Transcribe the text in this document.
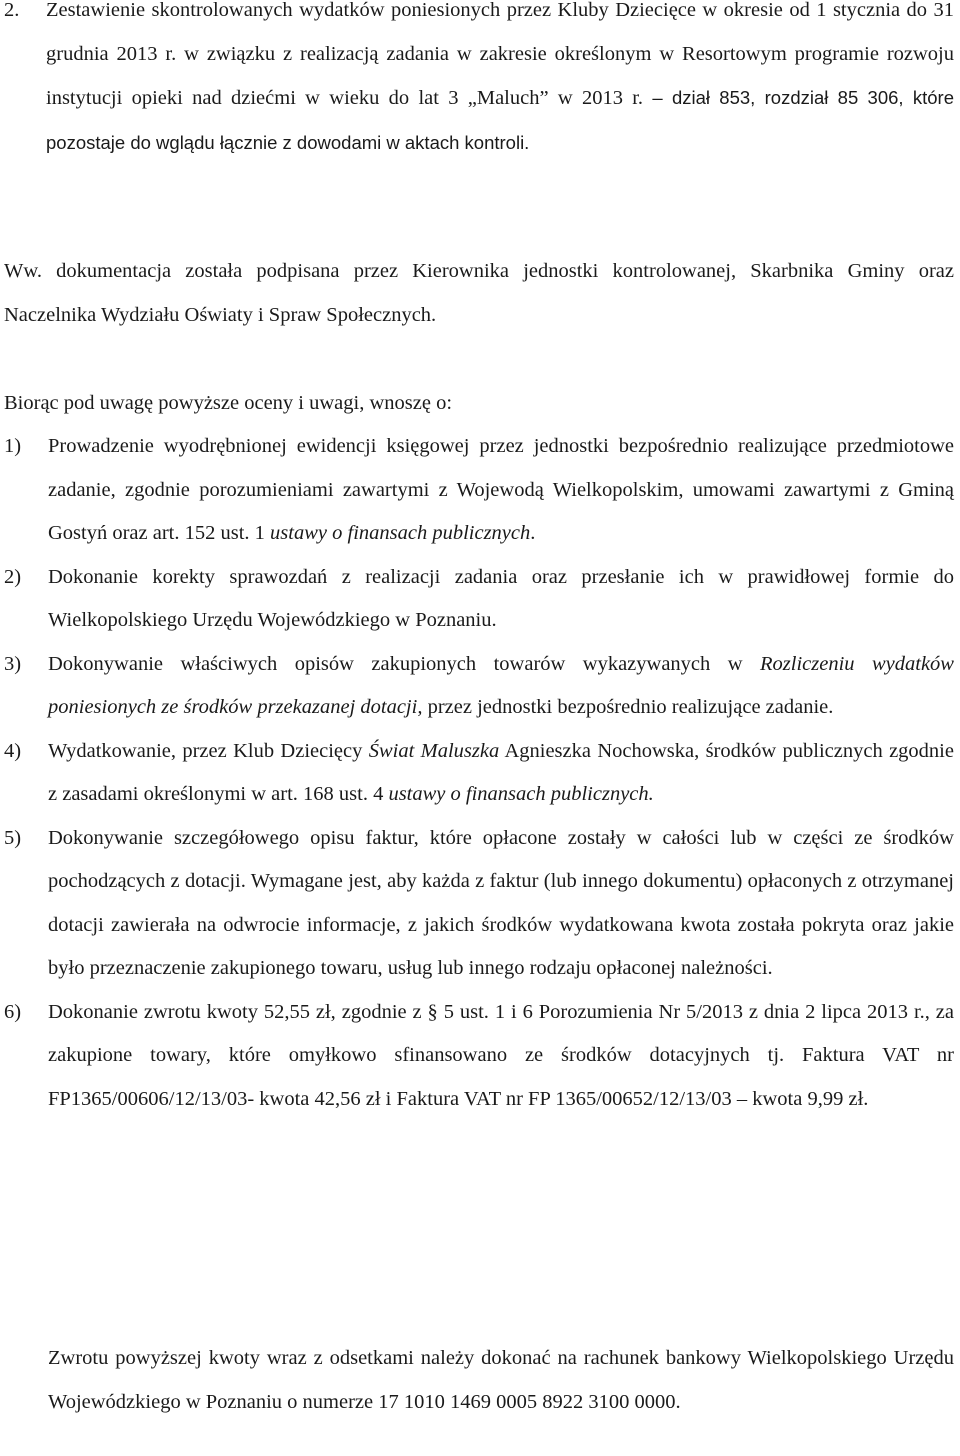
2. Zestawienie skontrolowanych wydatków poniesionych przez Kluby Dziecięce w okresie od 1 stycznia do 31 grudnia 2013 r. w związku z realizacją zadania w zakresie określonym w Resortowym programie rozwoju instytucji opieki nad dziećmi w wieku do lat 3 „Maluch” w 2013 r. – dział 853, rozdział 85 306, które pozostaje do wglądu łącznie z dowodami w aktach kontroli.
Ww. dokumentacja została podpisana przez Kierownika jednostki kontrolowanej, Skarbnika Gminy oraz Naczelnika Wydziału Oświaty i Spraw Społecznych.
Biorąc pod uwagę powyższe oceny i uwagi, wnoszę o:
1) Prowadzenie wyodrębnionej ewidencji księgowej przez jednostki bezpośrednio realizujące przedmiotowe zadanie, zgodnie porozumieniami zawartymi z Wojewodą Wielkopolskim, umowami zawartymi z Gminą Gostyń oraz art. 152 ust. 1 ustawy o finansach publicznych.
2) Dokonanie korekty sprawozdań z realizacji zadania oraz przesłanie ich w prawidłowej formie do Wielkopolskiego Urzędu Wojewódzkiego w Poznaniu.
3) Dokonywanie właściwych opisów zakupionych towarów wykazywanych w Rozliczeniu wydatków poniesionych ze środków przekazanej dotacji, przez jednostki bezpośrednio realizujące zadanie.
4) Wydatkowanie, przez Klub Dziecięcy Świat Maluszka Agnieszka Nochowska, środków publicznych zgodnie z zasadami określonymi w art. 168 ust. 4 ustawy o finansach publicznych.
5) Dokonywanie szczegółowego opisu faktur, które opłacone zostały w całości lub w części ze środków pochodzących z dotacji. Wymagane jest, aby każda z faktur (lub innego dokumentu) opłaconych z otrzymanej dotacji zawierała na odwrocie informacje, z jakich środków wydatkowana kwota została pokryta oraz jakie było przeznaczenie zakupionego towaru, usług lub innego rodzaju opłaconej należności.
6) Dokonanie zwrotu kwoty 52,55 zł, zgodnie z § 5 ust. 1 i 6 Porozumienia Nr 5/2013 z dnia 2 lipca 2013 r., za zakupione towary, które omyłkowo sfinansowano ze środków dotacyjnych tj. Faktura VAT nr FP1365/00606/12/13/03- kwota 42,56 zł i Faktura VAT nr FP 1365/00652/12/13/03 – kwota 9,99 zł.
Zwrotu powyższej kwoty wraz z odsetkami należy dokonać na rachunek bankowy Wielkopolskiego Urzędu Wojewódzkiego w Poznaniu o numerze 17 1010 1469 0005 8922 3100 0000.
